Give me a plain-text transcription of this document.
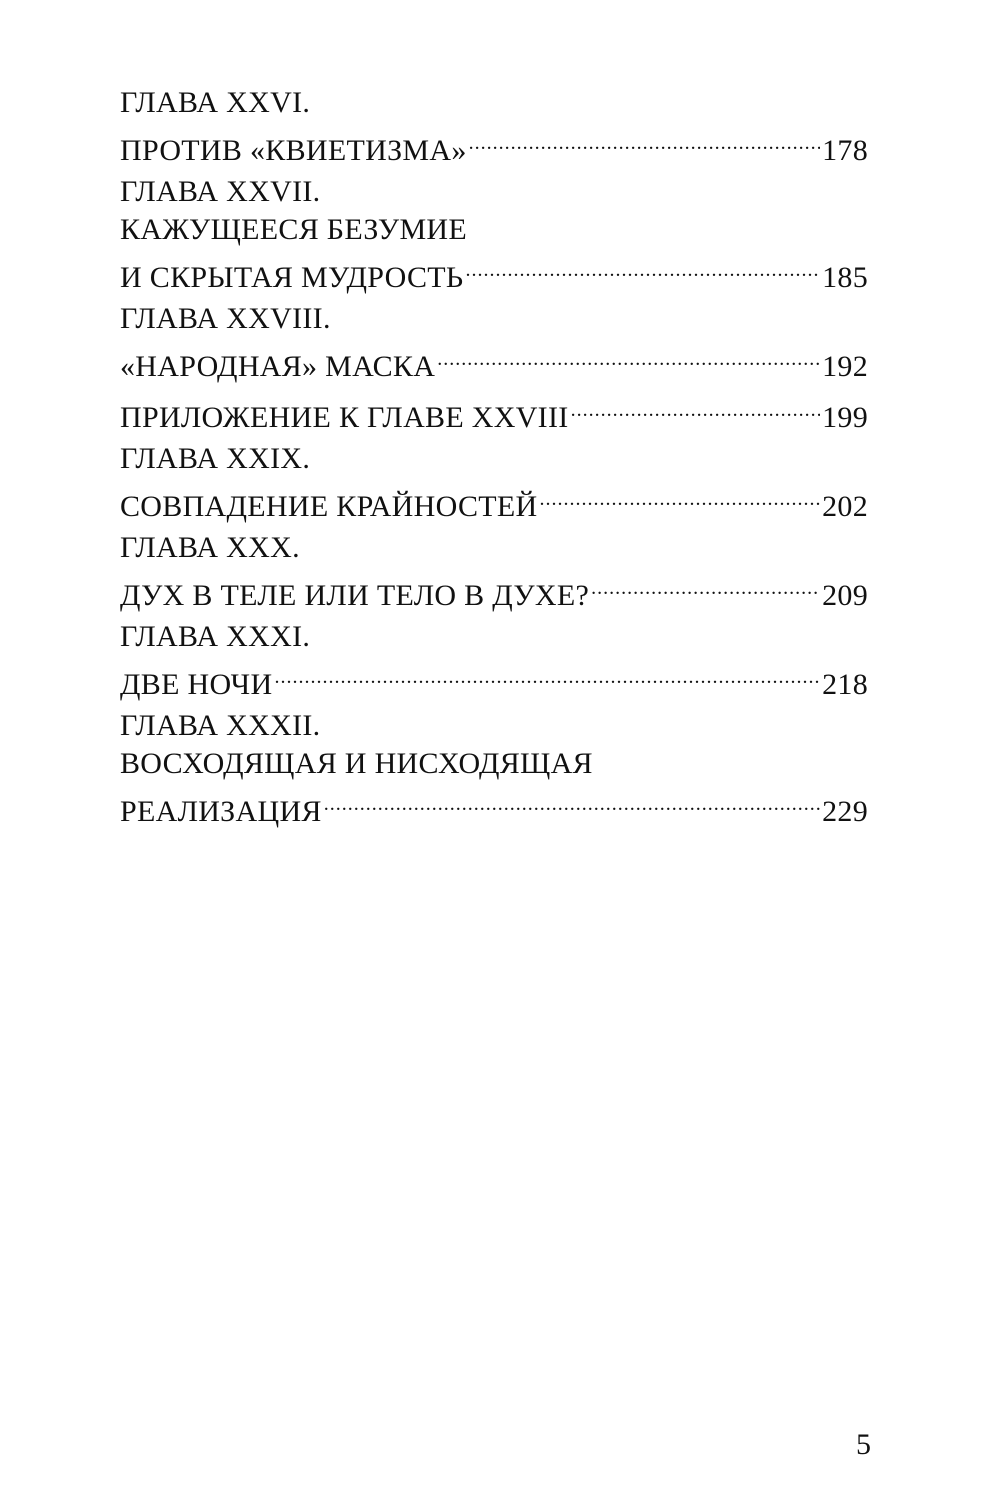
ГЛАВА XXVI.
ПРОТИВ «КВИЕТИЗМА» .....	178
ГЛАВА XXVII.
КАЖУЩЕЕСЯ БЕЗУМИЕ
И СКРЫТАЯ МУДРОСТЬ .....	185
ГЛАВА XXVIII.
«НАРОДНАЯ» МАСКА .....	192
ПРИЛОЖЕНИЕ К ГЛАВЕ XXVIII .....	199
ГЛАВА XXIX.
СОВПАДЕНИЕ КРАЙНОСТЕЙ .....	202
ГЛАВА XXX.
ДУХ В ТЕЛЕ ИЛИ ТЕЛО В ДУХЕ? .....	209
ГЛАВА XXXI.
ДВЕ НОЧИ .....	218
ГЛАВА XXXII.
ВОСХОДЯЩАЯ И НИСХОДЯЩАЯ
РЕАЛИЗАЦИЯ .....	229
5
